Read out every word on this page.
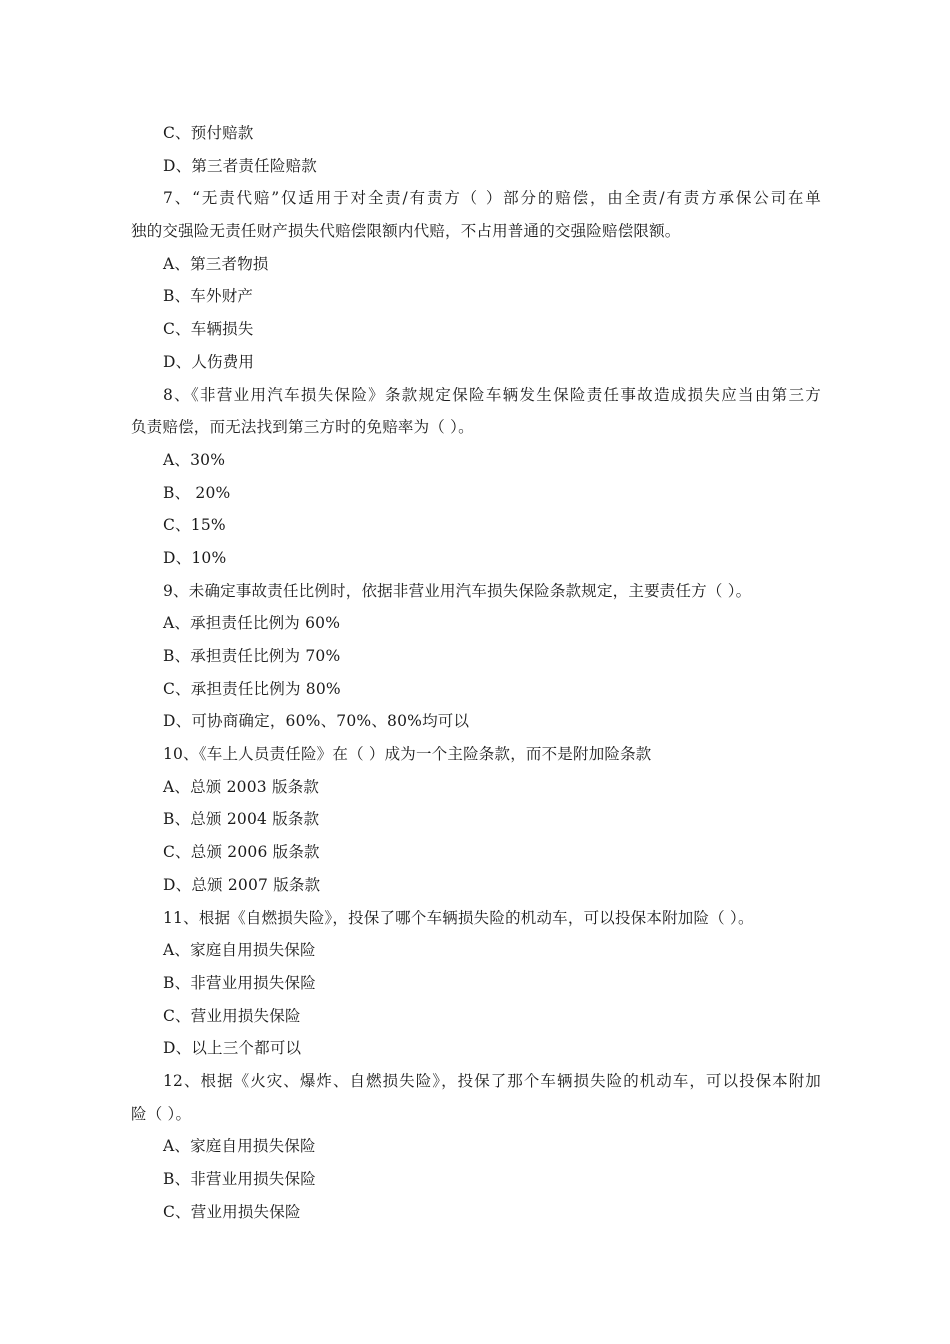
C、预付赔款
D、第三者责任险赔款
7、“无责代赔”仅适用于对全责/有责方（ ）部分的赔偿，由全责/有责方承保公司在单
独的交强险无责任财产损失代赔偿限额内代赔，不占用普通的交强险赔偿限额。
A、第三者物损
B、车外财产
C、车辆损失
D、人伤费用
8、《非营业用汽车损失保险》条款规定保险车辆发生保险责任事故造成损失应当由第三方
负责赔偿，而无法找到第三方时的免赔率为（ ）。
A、30%
B、 20%
C、15%
D、10%
9、未确定事故责任比例时，依据非营业用汽车损失保险条款规定，主要责任方（ ）。
A、承担责任比例为 60%
B、承担责任比例为 70%
C、承担责任比例为 80%
D、可协商确定，60%、70%、80%均可以
10、《车上人员责任险》在（ ）成为一个主险条款，而不是附加险条款
A、总颁 2003 版条款
B、总颁 2004 版条款
C、总颁 2006 版条款
D、总颁 2007 版条款
11、根据《自燃损失险》，投保了哪个车辆损失险的机动车，可以投保本附加险（ ）。
A、家庭自用损失保险
B、非营业用损失保险
C、营业用损失保险
D、以上三个都可以
12、根据《火灾、爆炸、自燃损失险》，投保了那个车辆损失险的机动车，可以投保本附加
险（ ）。
A、家庭自用损失保险
B、非营业用损失保险
C、营业用损失保险
